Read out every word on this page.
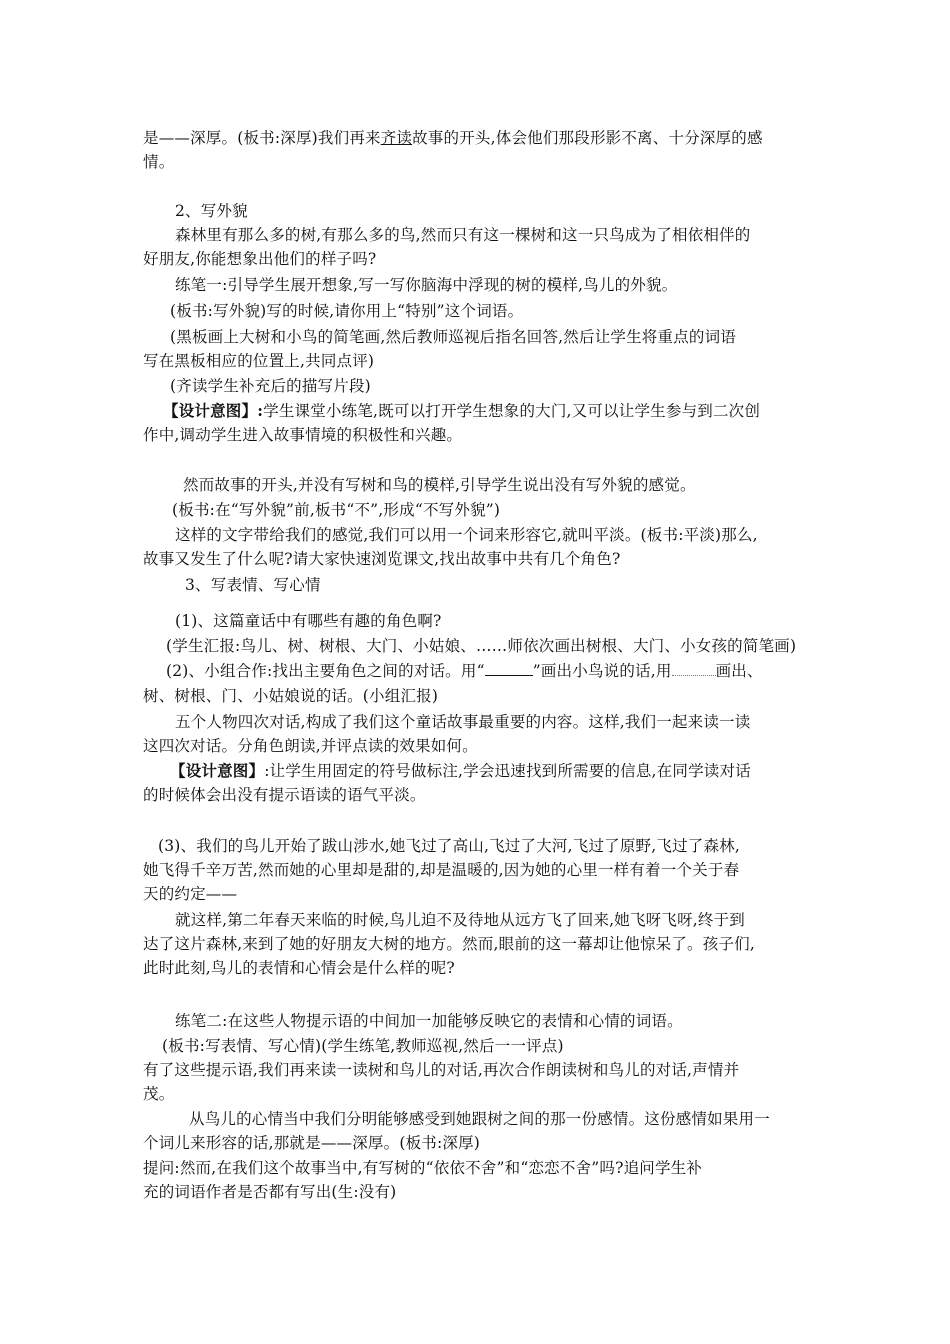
是——深厚。(板书:深厚)我们再来齐读故事的开头,体会他们那段形影不离、十分深厚的感
情。
2、写外貌
森林里有那么多的树,有那么多的鸟,然而只有这一棵树和这一只鸟成为了相依相伴的
好朋友,你能想象出他们的样子吗?
练笔一:引导学生展开想象,写一写你脑海中浮现的树的模样,鸟儿的外貌。
(板书:写外貌)写的时候,请你用上“特别”这个词语。
(黑板画上大树和小鸟的简笔画,然后教师巡视后指名回答,然后让学生将重点的词语
写在黑板相应的位置上,共同点评)
(齐读学生补充后的描写片段)
【设计意图】:学生课堂小练笔,既可以打开学生想象的大门,又可以让学生参与到二次创
作中,调动学生进入故事情境的积极性和兴趣。
然而故事的开头,并没有写树和鸟的模样,引导学生说出没有写外貌的感觉。
(板书:在“写外貌”前,板书“不”,形成“不写外貌”)
这样的文字带给我们的感觉,我们可以用一个词来形容它,就叫平淡。(板书:平淡)那么,
故事又发生了什么呢?请大家快速浏览课文,找出故事中共有几个角色?
3、写表情、写心情
(1)、这篇童话中有哪些有趣的角色啊?
(学生汇报:鸟儿、树、树根、大门、小姑娘、……师依次画出树根、大门、小女孩的简笔画)
(2)、小组合作:找出主要角色之间的对话。用“	”画出小鸟说的话,用	画出、
树、树根、门、小姑娘说的话。(小组汇报)
五个人物四次对话,构成了我们这个童话故事最重要的内容。这样,我们一起来读一读
这四次对话。分角色朗读,并评点读的效果如何。
【设计意图】:让学生用固定的符号做标注,学会迅速找到所需要的信息,在同学读对话
的时候体会出没有提示语读的语气平淡。
(3)、我们的鸟儿开始了跋山涉水,她飞过了高山,飞过了大河,飞过了原野,飞过了森林,
她飞得千辛万苦,然而她的心里却是甜的,却是温暖的,因为她的心里一样有着一个关于春
天的约定——
就这样,第二年春天来临的时候,鸟儿迫不及待地从远方飞了回来,她飞呀飞呀,终于到
达了这片森林,来到了她的好朋友大树的地方。然而,眼前的这一幕却让他惊呆了。孩子们,
此时此刻,鸟儿的表情和心情会是什么样的呢?
练笔二:在这些人物提示语的中间加一加能够反映它的表情和心情的词语。
(板书:写表情、写心情)(学生练笔,教师巡视,然后一一评点)
有了这些提示语,我们再来读一读树和鸟儿的对话,再次合作朗读树和鸟儿的对话,声情并
茂。
从鸟儿的心情当中我们分明能够感受到她跟树之间的那一份感情。这份感情如果用一
个词儿来形容的话,那就是——深厚。(板书:深厚)
提问:然而,在我们这个故事当中,有写树的“依依不舍”和“恋恋不舍”吗?追问学生补
充的词语作者是否都有写出(生:没有)
